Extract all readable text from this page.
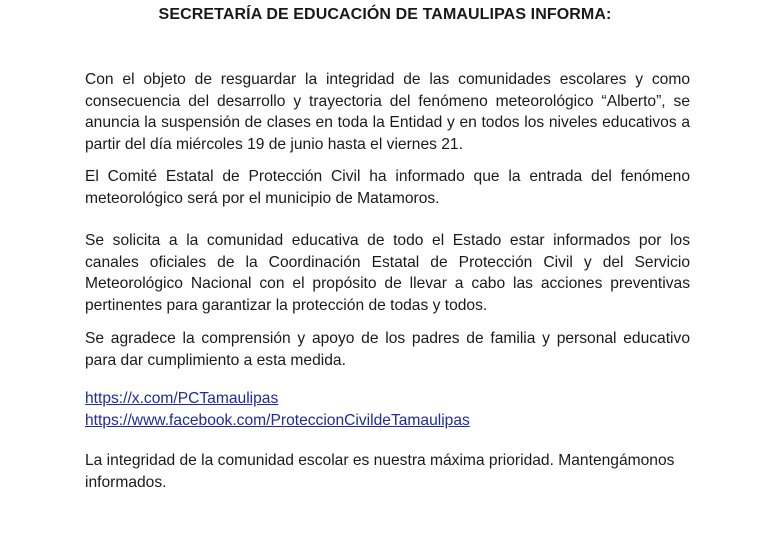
SECRETARÍA DE EDUCACIÓN DE TAMAULIPAS INFORMA:

Con el objeto de resguardar la integridad de las comunidades escolares y como consecuencia del desarrollo y trayectoria del fenómeno meteorológico “Alberto”, se anuncia la suspensión de clases en toda la Entidad y en todos los niveles educativos a partir del día miércoles 19 de junio hasta el viernes 21.

El Comité Estatal de Protección Civil ha informado que la entrada del fenómeno meteorológico será por el municipio de Matamoros.

Se solicita a la comunidad educativa de todo el Estado estar informados por los canales oficiales de la Coordinación Estatal de Protección Civil y del Servicio Meteorológico Nacional con el propósito de llevar a cabo las acciones preventivas pertinentes para garantizar la protección de todas y todos.

Se agradece la comprensión y apoyo de los padres de familia y personal educativo para dar cumplimiento a esta medida.

https://x.com/PCTamaulipas
https://www.facebook.com/ProteccionCivildeTamaulipas

La integridad de la comunidad escolar es nuestra máxima prioridad. Mantengámonos informados.
